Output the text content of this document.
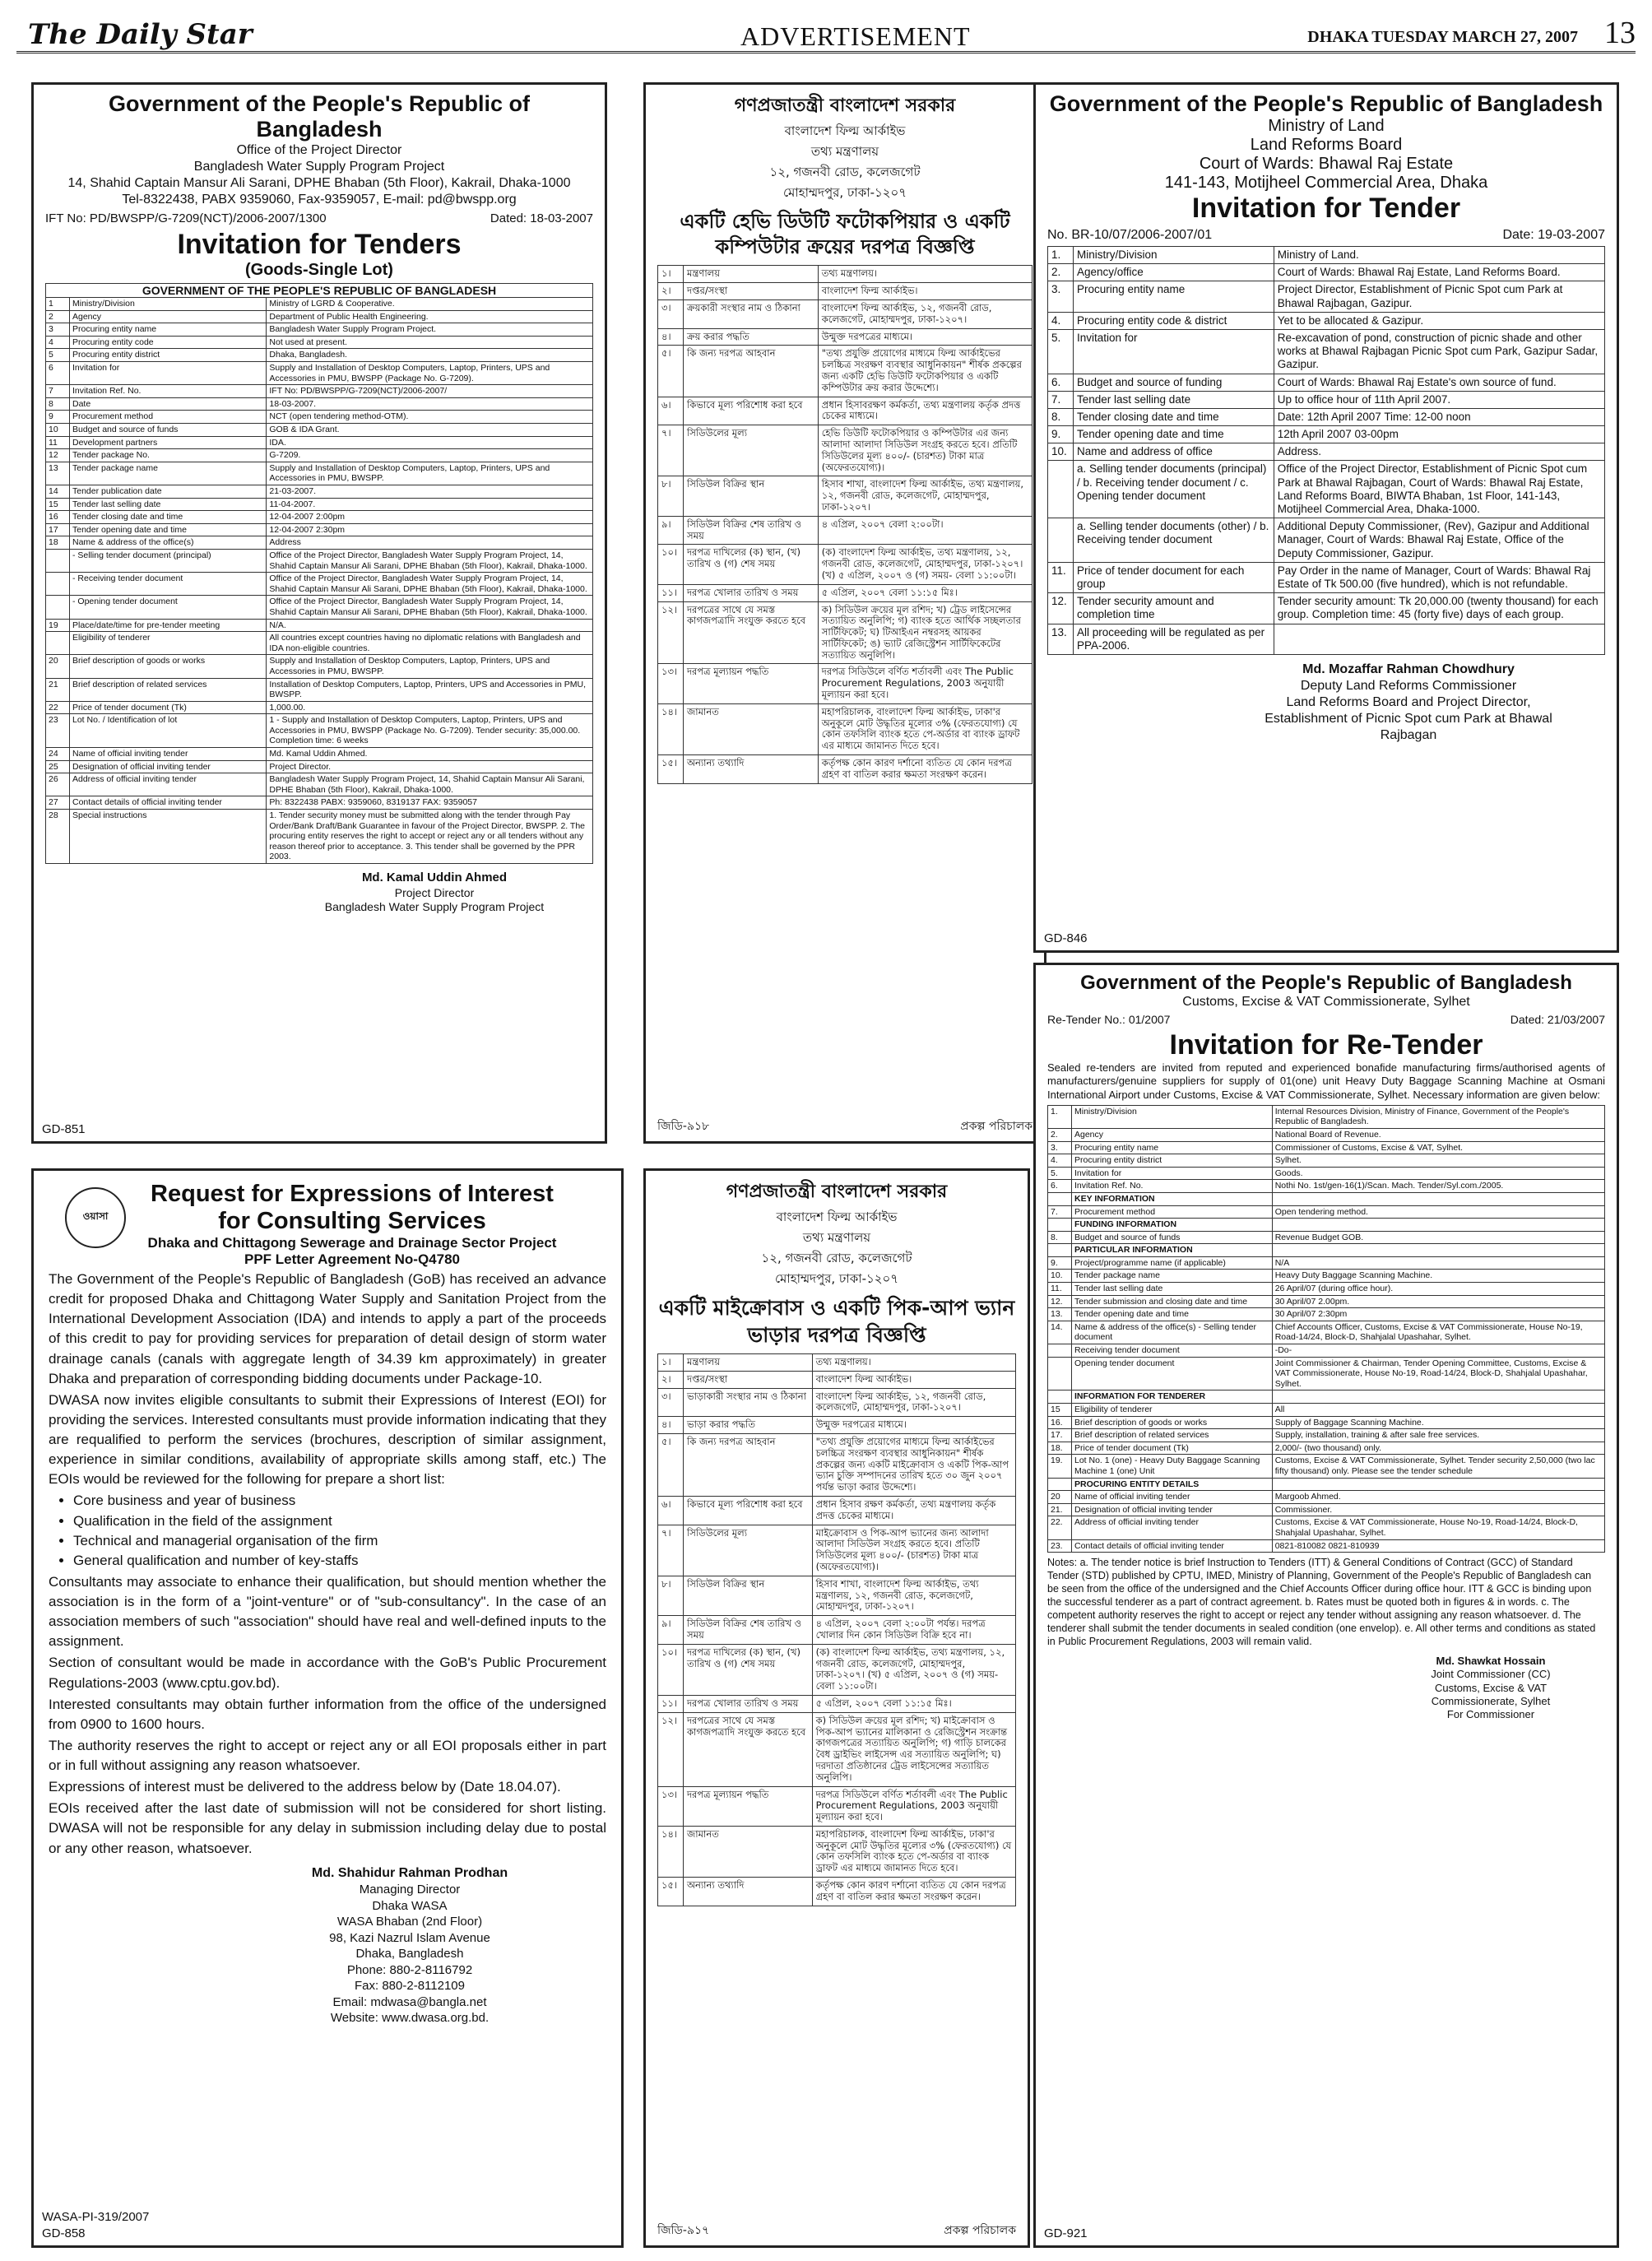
The Daily Star	ADVERTISEMENT	DHAKA TUESDAY MARCH 27, 2007 13
Government of the People's Republic of Bangladesh
Office of the Project Director
Bangladesh Water Supply Program Project
14, Shahid Captain Mansur Ali Sarani, DPHE Bhaban (5th Floor), Kakrail, Dhaka-1000
Tel-8322438, PABX 9359060, Fax-9359057, E-mail: pd@bwspp.org
IFT No: PD/BWSPP/G-7209(NCT)/2006-2007/1300	Dated: 18-03-2007
Invitation for Tenders
(Goods-Single Lot)
GOVERNMENT OF THE PEOPLE'S REPUBLIC OF BANGLADESH
1	Ministry/Division	Ministry of LGRD & Cooperative.
2	Agency	Department of Public Health Engineering.
3	Procuring entity name	Bangladesh Water Supply Program Project.
4	Procuring entity code	Not used at present.
5	Procuring entity district	Dhaka, Bangladesh.
6	Invitation for	Supply and Installation of Desktop Computers, Laptop, Printers, UPS and Accessories in PMU, BWSPP (Package No. G-7209).
7	Invitation Ref. No.	IFT No: PD/BWSPP/G-7209(NCT)/2006-2007/
8	Date	18-03-2007.
9	Procurement method	NCT (open tendering method-OTM).
10	Budget and source of funds	GOB & IDA Grant.
11	Development partners	IDA.
12	Tender package No.	G-7209.
13	Tender package name	Supply and Installation of Desktop Computers, Laptop, Printers, UPS and Accessories in PMU, BWSPP.
14	Tender publication date	21-03-2007.
15	Tender last selling date	11-04-2007.
16	Tender closing date and time	12-04-2007 2:00pm
17	Tender opening date and time	12-04-2007 2:30pm
18	Name & address of the office(s)	Address
	- Selling tender document (principal)	Office of the Project Director, Bangladesh Water Supply Program Project, 14, Shahid Captain Mansur Ali Sarani, DPHE Bhaban (5th Floor), Kakrail, Dhaka-1000.
	- Receiving tender document	Office of the Project Director, Bangladesh Water Supply Program Project, 14, Shahid Captain Mansur Ali Sarani, DPHE Bhaban (5th Floor), Kakrail, Dhaka-1000.
	- Opening tender document	Office of the Project Director, Bangladesh Water Supply Program Project, 14, Shahid Captain Mansur Ali Sarani, DPHE Bhaban (5th Floor), Kakrail, Dhaka-1000.
19	Place/date/time for pre-tender meeting	N/A.
	Eligibility of tenderer	All countries except countries having no diplomatic relations with Bangladesh and IDA non-eligible countries.
20	Brief description of goods or works	Supply and Installation of Desktop Computers, Laptop, Printers, UPS and Accessories in PMU, BWSPP.
21	Brief description of related services	Installation of Desktop Computers, Laptop, Printers, UPS and Accessories in PMU, BWSPP.
22	Price of tender document (Tk)	1,000.00.
23	Lot No. / Identification of lot	1 - Supply and Installation of Desktop Computers, Laptop, Printers, UPS and Accessories in PMU, BWSPP (Package No. G-7209). Tender security: 35,000.00. Completion time: 6 weeks
24	Name of official inviting tender	Md. Kamal Uddin Ahmed.
25	Designation of official inviting tender	Project Director.
26	Address of official inviting tender	Bangladesh Water Supply Program Project, 14, Shahid Captain Mansur Ali Sarani, DPHE Bhaban (5th Floor), Kakrail, Dhaka-1000.
27	Contact details of official inviting tender	Ph: 8322438 PABX: 9359060, 8319137 FAX: 9359057
28	Special instructions	1. Tender security money must be submitted along with the tender through Pay Order/Bank Draft/Bank Guarantee in favour of the Project Director, BWSPP. 2. The procuring entity reserves the right to accept or reject any or all tenders without any reason thereof prior to acceptance. 3. This tender shall be governed by the PPR 2003.
Md. Kamal Uddin Ahmed
Project Director
Bangladesh Water Supply Program Project
GD-851
গণপ্রজাতন্ত্রী বাংলাদেশ সরকার
বাংলাদেশ ফিল্ম আর্কাইভ
তথ্য মন্ত্রণালয়
১২, গজনবী রোড, কলেজগেট
মোহাম্মদপুর, ঢাকা-১২০৭
একটি হেভি ডিউটি ফটোকপিয়ার ও একটি কম্পিউটার ক্রয়ের দরপত্র বিজ্ঞপ্তি
১।	মন্ত্রণালয়	তথ্য মন্ত্রণালয়।
২।	দপ্তর/সংস্থা	বাংলাদেশ ফিল্ম আর্কাইভ।
৩।	ক্রয়কারী সংস্থার নাম ও ঠিকানা	বাংলাদেশ ফিল্ম আর্কাইভ, ১২, গজনবী রোড, কলেজগেট, মোহাম্মদপুর, ঢাকা-১২০৭।
৪।	ক্রয় করার পদ্ধতি	উন্মুক্ত দরপত্রের মাধ্যমে।
৫।	কি জন্য দরপত্র আহবান	"তথ্য প্রযুক্তি প্রয়োগের মাধ্যমে ফিল্ম আর্কাইভের চলচ্চিত্র সংরক্ষণ ব্যবস্থার আধুনিকায়ন" শীর্ষক প্রকল্পের জন্য একটি হেভি ডিউটি ফটোকপিয়ার ও একটি কম্পিউটার ক্রয় করার উদ্দেশ্যে।
৬।	কিভাবে মূল্য পরিশোধ করা হবে	প্রধান হিসাবরক্ষণ কর্মকর্তা, তথ্য মন্ত্রণালয় কর্তৃক প্রদত্ত চেকের মাধ্যমে।
৭।	সিডিউলের মূল্য	হেভি ডিউটি ফটোকপিয়ার ও কম্পিউটার এর জন্য আলাদা আলাদা সিডিউল সংগ্রহ করতে হবে। প্রতিটি সিডিউলের মূল্য ৪০০/- (চারশত) টাকা মাত্র (অফেরতযোগ্য)।
৮।	সিডিউল বিক্রির স্থান	হিসাব শাখা, বাংলাদেশ ফিল্ম আর্কাইভ, তথ্য মন্ত্রণালয়, ১২, গজনবী রোড, কলেজগেট, মোহাম্মদপুর, ঢাকা-১২০৭।
৯।	সিডিউল বিক্রির শেষ তারিখ ও সময়	৪ এপ্রিল, ২০০৭ বেলা ২:০০টা।
১০।	দরপত্র দাখিলের (ক) স্থান, (খ) তারিখ ও (গ) শেষ সময়	(ক) বাংলাদেশ ফিল্ম আর্কাইভ, তথ্য মন্ত্রণালয়, ১২, গজনবী রোড, কলেজগেট, মোহাম্মদপুর, ঢাকা-১২০৭। (খ) ৫ এপ্রিল, ২০০৭ ও (গ) সময়- বেলা ১১:০০টা।
১১।	দরপত্র খোলার তারিখ ও সময়	৫ এপ্রিল, ২০০৭ বেলা ১১:১৫ মিঃ।
১২।	দরপত্রের সাথে যে সমস্ত কাগজপত্রাদি সংযুক্ত করতে হবে	ক) সিডিউল ক্রয়ের মূল রশিদ; খ) ট্রেড লাইসেন্সের সত্যায়িত অনুলিপি; গ) ব্যাংক হতে আর্থিক সচ্ছলতার সার্টিফিকেট; ঘ) টিআইএন নম্বরসহ আয়কর সার্টিফিকেট; ঙ) ভ্যাট রেজিস্ট্রেশন সার্টিফিকেটের সত্যায়িত অনুলিপি।
১৩।	দরপত্র মূল্যায়ন পদ্ধতি	দরপত্র সিডিউলে বর্ণিত শর্তাবলী এবং The Public Procurement Regulations, 2003 অনুযায়ী মূল্যায়ন করা হবে।
১৪।	জামানত	মহাপরিচালক, বাংলাদেশ ফিল্ম আর্কাইভ, ঢাকা'র অনুকূলে মোট উদ্ধৃতির মূল্যের ৩% (ফেরতযোগ্য) যে কোন তফসিলি ব্যাংক হতে পে-অর্ডার বা ব্যাংক ড্রাফট এর মাধ্যমে জামানত দিতে হবে।
১৫।	অন্যান্য তথ্যাদি	কর্তৃপক্ষ কোন কারণ দর্শানো ব্যতিত যে কোন দরপত্র গ্রহণ বা বাতিল করার ক্ষমতা সংরক্ষণ করেন।
জিডি-৯১৮	প্রকল্প পরিচালক
Government of the People's Republic of Bangladesh
Ministry of Land
Land Reforms Board
Court of Wards: Bhawal Raj Estate
141-143, Motijheel Commercial Area, Dhaka
Invitation for Tender
No. BR-10/07/2006-2007/01	Date: 19-03-2007
1.	Ministry/Division	Ministry of Land.
2.	Agency/office	Court of Wards: Bhawal Raj Estate, Land Reforms Board.
3.	Procuring entity name	Project Director, Establishment of Picnic Spot cum Park at Bhawal Rajbagan, Gazipur.
4.	Procuring entity code & district	Yet to be allocated & Gazipur.
5.	Invitation for	Re-excavation of pond, construction of picnic shade and other works at Bhawal Rajbagan Picnic Spot cum Park, Gazipur Sadar, Gazipur.
6.	Budget and source of funding	Court of Wards: Bhawal Raj Estate's own source of fund.
7.	Tender last selling date	Up to office hour of 11th April 2007.
8.	Tender closing date and time	Date: 12th April 2007 Time: 12-00 noon
9.	Tender opening date and time	12th April 2007 03-00pm
10.	Name and address of office	Address.
	a. Selling tender documents (principal) / b. Receiving tender document / c. Opening tender document	Office of the Project Director, Establishment of Picnic Spot cum Park at Bhawal Rajbagan, Court of Wards: Bhawal Raj Estate, Land Reforms Board, BIWTA Bhaban, 1st Floor, 141-143, Motijheel Commercial Area, Dhaka-1000.
	a. Selling tender documents (other) / b. Receiving tender document	Additional Deputy Commissioner, (Rev), Gazipur and Additional Manager, Court of Wards: Bhawal Raj Estate, Office of the Deputy Commissioner, Gazipur.
11.	Price of tender document for each group	Pay Order in the name of Manager, Court of Wards: Bhawal Raj Estate of Tk 500.00 (five hundred), which is not refundable.
12.	Tender security amount and completion time	Tender security amount: Tk 20,000.00 (twenty thousand) for each group. Completion time: 45 (forty five) days of each group.
13.	All proceeding will be regulated as per PPA-2006.	
Md. Mozaffar Rahman Chowdhury
Deputy Land Reforms Commissioner
Land Reforms Board and Project Director,
Establishment of Picnic Spot cum Park at Bhawal
Rajbagan
GD-846
Government of the People's Republic of Bangladesh
Customs, Excise & VAT Commissionerate, Sylhet
Re-Tender No.: 01/2007	Dated: 21/03/2007
Invitation for Re-Tender
Sealed re-tenders are invited from reputed and experienced bonafide manufacturing firms/authorised agents of manufacturers/genuine suppliers for supply of 01(one) unit Heavy Duty Baggage Scanning Machine at Osmani International Airport under Customs, Excise & VAT Commissionerate, Sylhet. Necessary information are given below:
1.	Ministry/Division	Internal Resources Division, Ministry of Finance, Government of the People's Republic of Bangladesh.
2.	Agency	National Board of Revenue.
3.	Procuring entity name	Commissioner of Customs, Excise & VAT, Sylhet.
4.	Procuring entity district	Sylhet.
5.	Invitation for	Goods.
6.	Invitation Ref. No.	Nothi No. 1st/gen-16(1)/Scan. Mach. Tender/Syl.com./2005.
	KEY INFORMATION	
7.	Procurement method	Open tendering method.
	FUNDING INFORMATION	
8.	Budget and source of funds	Revenue Budget GOB.
	PARTICULAR INFORMATION	
9.	Project/programme name (if applicable)	N/A
10.	Tender package name	Heavy Duty Baggage Scanning Machine.
11.	Tender last selling date	26 April/07 (during office hour).
12.	Tender submission and closing date and time	30 April/07 2.00pm.
13.	Tender opening date and time	30 April/07 2:30pm
14.	Name & address of the office(s) - Selling tender document	Chief Accounts Officer, Customs, Excise & VAT Commissionerate, House No-19, Road-14/24, Block-D, Shahjalal Upashahar, Sylhet.
	Receiving tender document	-Do-
	Opening tender document	Joint Commissioner & Chairman, Tender Opening Committee, Customs, Excise & VAT Commissionerate, House No-19, Road-14/24, Block-D, Shahjalal Upashahar, Sylhet.
	INFORMATION FOR TENDERER	
15	Eligibility of tenderer	All
16.	Brief description of goods or works	Supply of Baggage Scanning Machine.
17.	Brief description of related services	Supply, installation, training & after sale free services.
18.	Price of tender document (Tk)	2,000/- (two thousand) only.
19.	Lot No. 1 (one) - Heavy Duty Baggage Scanning Machine 1 (one) Unit	Customs, Excise & VAT Commissionerate, Sylhet. Tender security 2,50,000 (two lac fifty thousand) only. Please see the tender schedule
	PROCURING ENTITY DETAILS	
20	Name of official inviting tender	Margoob Ahmed.
21.	Designation of official inviting tender	Commissioner.
22.	Address of official inviting tender	Customs, Excise & VAT Commissionerate, House No-19, Road-14/24, Block-D, Shahjalal Upashahar, Sylhet.
23.	Contact details of official inviting tender	0821-810082 0821-810939
Notes: a. The tender notice is brief Instruction to Tenders (ITT) & General Conditions of Contract (GCC) of Standard Tender (STD) published by CPTU, IMED, Ministry of Planning, Government of the People's Republic of Bangladesh can be seen from the office of the undersigned and the Chief Accounts Officer during office hour. ITT & GCC is binding upon the successful tenderer as a part of contract agreement. b. Rates must be quoted both in figures & in words. c. The competent authority reserves the right to accept or reject any tender without assigning any reason whatsoever. d. The tenderer shall submit the tender documents in sealed condition (one envelop). e. All other terms and conditions as stated in Public Procurement Regulations, 2003 will remain valid.
Md. Shawkat Hossain
Joint Commissioner (CC)
Customs, Excise & VAT
Commissionerate, Sylhet
For Commissioner
GD-921
ওয়াসা
Request for Expressions of Interest
for Consulting Services
Dhaka and Chittagong Sewerage and Drainage Sector Project
PPF Letter Agreement No-Q4780

The Government of the People's Republic of Bangladesh (GoB) has received an advance credit for proposed Dhaka and Chittagong Water Supply and Sanitation Project from the International Development Association (IDA) and intends to apply a part of the proceeds of this credit to pay for providing services for preparation of detail design of storm water drainage canals (canals with aggregate length of 34.39 km approximately) in greater Dhaka and preparation of corresponding bidding documents under Package-10.

DWASA now invites eligible consultants to submit their Expressions of Interest (EOI) for providing the services. Interested consultants must provide information indicating that they are requalified to perform the services (brochures, description of similar assignment, experience in similar conditions, availability of appropriate skills among staff, etc.) The EOIs would be reviewed for the following for prepare a short list:

• Core business and year of business
• Qualification in the field of the assignment
• Technical and managerial organisation of the firm
• General qualification and number of key-staffs

Consultants may associate to enhance their qualification, but should mention whether the association is in the form of a "joint-venture" or of "sub-consultancy". In the case of an association members of such "association" should have real and well-defined inputs to the assignment.

Section of consultant would be made in accordance with the GoB's Public Procurement Regulations-2003 (www.cptu.gov.bd).

Interested consultants may obtain further information from the office of the undersigned from 0900 to 1600 hours.

The authority reserves the right to accept or reject any or all EOI proposals either in part or in full without assigning any reason whatsoever.

Expressions of interest must be delivered to the address below by (Date 18.04.07).

EOIs received after the last date of submission will not be considered for short listing. DWASA will not be responsible for any delay in submission including delay due to postal or any other reason, whatsoever.

Md. Shahidur Rahman Prodhan
Managing Director
Dhaka WASA
WASA Bhaban (2nd Floor)
98, Kazi Nazrul Islam Avenue
Dhaka, Bangladesh
Phone: 880-2-8116792
Fax: 880-2-8112109
Email: mdwasa@bangla.net
Website: www.dwasa.org.bd.
WASA-PI-319/2007
GD-858
গণপ্রজাতন্ত্রী বাংলাদেশ সরকার
বাংলাদেশ ফিল্ম আর্কাইভ
তথ্য মন্ত্রণালয়
১২, গজনবী রোড, কলেজগেট
মোহাম্মদপুর, ঢাকা-১২০৭
একটি মাইক্রোবাস ও একটি পিক-আপ ভ্যান ভাড়ার দরপত্র বিজ্ঞপ্তি
১।	মন্ত্রণালয়	তথ্য মন্ত্রণালয়।
২।	দপ্তর/সংস্থা	বাংলাদেশ ফিল্ম আর্কাইভ।
৩।	ভাড়াকারী সংস্থার নাম ও ঠিকানা	বাংলাদেশ ফিল্ম আর্কাইভ, ১২, গজনবী রোড, কলেজগেট, মোহাম্মদপুর, ঢাকা-১২০৭।
৪।	ভাড়া করার পদ্ধতি	উন্মুক্ত দরপত্রের মাধ্যমে।
৫।	কি জন্য দরপত্র আহবান	"তথ্য প্রযুক্তি প্রয়োগের মাধ্যমে ফিল্ম আর্কাইভের চলচ্চিত্র সংরক্ষণ ব্যবস্থার আধুনিকায়ন" শীর্ষক প্রকল্পের জন্য একটি মাইক্রোবাস ও একটি পিক-আপ ভ্যান চুক্তি সম্পাদনের তারিখ হতে ৩০ জুন ২০০৭ পর্যন্ত ভাড়া করার উদ্দেশ্যে।
৬।	কিভাবে মূল্য পরিশোধ করা হবে	প্রধান হিসাব রক্ষণ কর্মকর্তা, তথ্য মন্ত্রণালয় কর্তৃক প্রদত্ত চেকের মাধ্যমে।
৭।	সিডিউলের মূল্য	মাইক্রোবাস ও পিক-আপ ভ্যানের জন্য আলাদা আলাদা সিডিউল সংগ্রহ করতে হবে। প্রতিটি সিডিউলের মূল্য ৪০০/- (চারশত) টাকা মাত্র (অফেরতযোগ্য)।
৮।	সিডিউল বিক্রির স্থান	হিসাব শাখা, বাংলাদেশ ফিল্ম আর্কাইভ, তথ্য মন্ত্রণালয়, ১২, গজনবী রোড, কলেজগেট, মোহাম্মদপুর, ঢাকা-১২০৭।
৯।	সিডিউল বিক্রির শেষ তারিখ ও সময়	৪ এপ্রিল, ২০০৭ বেলা ২:০০টা পর্যন্ত। দরপত্র খোলার দিন কোন সিডিউল বিক্রি হবে না।
১০।	দরপত্র দাখিলের (ক) স্থান, (খ) তারিখ ও (গ) শেষ সময়	(ক) বাংলাদেশ ফিল্ম আর্কাইভ, তথ্য মন্ত্রণালয়, ১২, গজনবী রোড, কলেজগেট, মোহাম্মদপুর, ঢাকা-১২০৭। (খ) ৫ এপ্রিল, ২০০৭ ও (গ) সময়- বেলা ১১:০০টা।
১১।	দরপত্র খোলার তারিখ ও সময়	৫ এপ্রিল, ২০০৭ বেলা ১১:১৫ মিঃ।
১২।	দরপত্রের সাথে যে সমস্ত কাগজপত্রাদি সংযুক্ত করতে হবে	ক) সিডিউল ক্রয়ের মূল রশিদ; খ) মাইক্রোবাস ও পিক-আপ ভ্যানের মালিকানা ও রেজিস্ট্রেশন সংক্রান্ত কাগজপত্রের সত্যায়িত অনুলিপি; গ) গাড়ি চালকের বৈধ ড্রাইভিং লাইসেন্স এর সত্যায়িত অনুলিপি; ঘ) দরদাতা প্রতিষ্ঠানের ট্রেড লাইসেন্সের সত্যায়িত অনুলিপি।
১৩।	দরপত্র মূল্যায়ন পদ্ধতি	দরপত্র সিডিউলে বর্ণিত শর্তাবলী এবং The Public Procurement Regulations, 2003 অনুযায়ী মূল্যায়ন করা হবে।
১৪।	জামানত	মহাপরিচালক, বাংলাদেশ ফিল্ম আর্কাইভ, ঢাকা'র অনুকূলে মোট উদ্ধৃতির মূল্যের ৩% (ফেরতযোগ্য) যে কোন তফসিলি ব্যাংক হতে পে-অর্ডার বা ব্যাংক ড্রাফট এর মাধ্যমে জামানত দিতে হবে।
১৫।	অন্যান্য তথ্যাদি	কর্তৃপক্ষ কোন কারণ দর্শানো ব্যতিত যে কোন দরপত্র গ্রহণ বা বাতিল করার ক্ষমতা সংরক্ষণ করেন।
জিডি-৯১৭	প্রকল্প পরিচালক
